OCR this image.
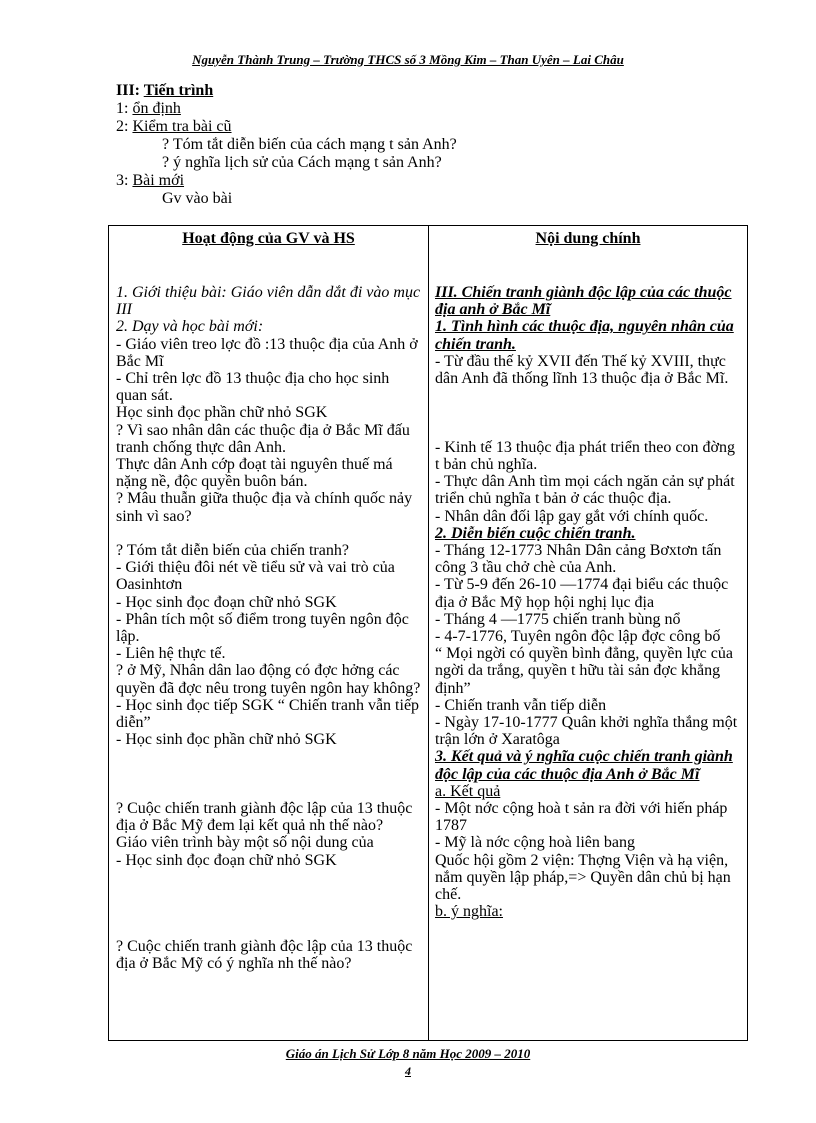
Nguyễn Thành Trung – Trường THCS số 3 Mồng Kim – Than Uyên – Lai Châu
III: Tiến trình
1: ổn định
2: Kiểm tra bài cũ
? Tóm tắt diễn biến của cách mạng t sản Anh?
? ý nghĩa lịch sử của Cách mạng t sản Anh?
3: Bài mới
Gv vào bài
Hoạt động của GV và HS

1. Giới thiệu bài: Giáo viên dẫn dắt đi vào mục III

2. Dạy và học bài mới:

- Giáo viên treo lợc đồ :13 thuộc địa của Anh ở Bắc Mĩ

- Chỉ trên lợc đồ 13 thuộc địa cho học sinh quan sát.

Học sinh đọc phần chữ nhỏ SGK

? Vì sao nhân dân các thuộc địa ở Bắc Mĩ đấu tranh chống thực dân Anh.

Thực dân Anh cớp đoạt tài nguyên thuế má nặng nề, độc quyền buôn bán.

? Mâu thuẫn giữa thuộc địa và chính quốc nảy sinh vì sao?

? Tóm tắt diễn biến của chiến tranh?

- Giới thiệu đôi nét về tiểu sử và vai trò của Oasinhtơn

- Học sinh đọc đoạn chữ nhỏ SGK

- Phân tích một số điểm trong tuyên ngôn độc lập.

- Liên hệ thực tế.

? ở Mỹ, Nhân dân lao động có đợc hởng các quyền đã đợc nêu trong tuyên ngôn hay không?

- Học sinh đọc tiếp SGK “ Chiến tranh vẫn tiếp diễn”

- Học sinh đọc phần chữ nhỏ SGK

? Cuộc chiến tranh giành độc lập của 13 thuộc địa ở Bắc Mỹ đem lại kết quả nh thế nào?

Giáo viên trình bày một số nội dung của

- Học sinh đọc đoạn chữ nhỏ SGK

? Cuộc chiến tranh giành độc lập của 13 thuộc địa ở Bắc Mỹ có ý nghĩa nh thế nào?

Nội dung chính

III. Chiến tranh giành độc lập của các thuộc địa anh ở Bắc Mĩ

1. Tình hình các thuộc địa, nguyên nhân của chiến tranh.

- Từ đầu thế kỷ XVII đến Thế kỷ XVIII, thực dân Anh đã thống lĩnh 13 thuộc địa ở Bắc Mĩ.

- Kinh tế 13 thuộc địa phát triển theo con đờng t bản chủ nghĩa.

- Thực dân Anh tìm mọi cách ngăn cản sự phát triển chủ nghĩa t bản ở các thuộc địa.

- Nhân dân đối lập gay gắt với chính quốc.

2. Diễn biến cuộc chiến tranh.

- Tháng 12-1773 Nhân Dân cảng Bơxtơn tấn công 3 tầu chở chè của Anh.

- Từ 5-9 đến 26-10 —1774 đại biểu các thuộc địa ở Bắc Mỹ họp hội nghị lục địa

- Tháng 4 —1775 chiến tranh bùng nổ

- 4-7-1776, Tuyên ngôn độc lập đợc công bố

“ Mọi ngời có quyền bình đẳng, quyền lực của ngời da trắng, quyền t hữu tài sản đợc khẳng định”

- Chiến tranh vẫn tiếp diễn

- Ngày 17-10-1777 Quân khởi nghĩa thắng một trận lớn ở Xaratôga

3. Kết quả và ý nghĩa cuộc chiến tranh giành độc lập của các thuộc địa Anh ở Bắc Mĩ

a. Kết quả

- Một nớc cộng hoà t sản ra đời với hiến pháp 1787

- Mỹ là nớc cộng hoà liên bang

Quốc hội gồm 2 viện: Thợng Viện và hạ viện, nắm quyền lập pháp,=> Quyền dân chủ bị hạn chế.

b. ý nghĩa:

Giáo án Lịch Sử Lớp 8 năm Học 2009 – 2010
4
